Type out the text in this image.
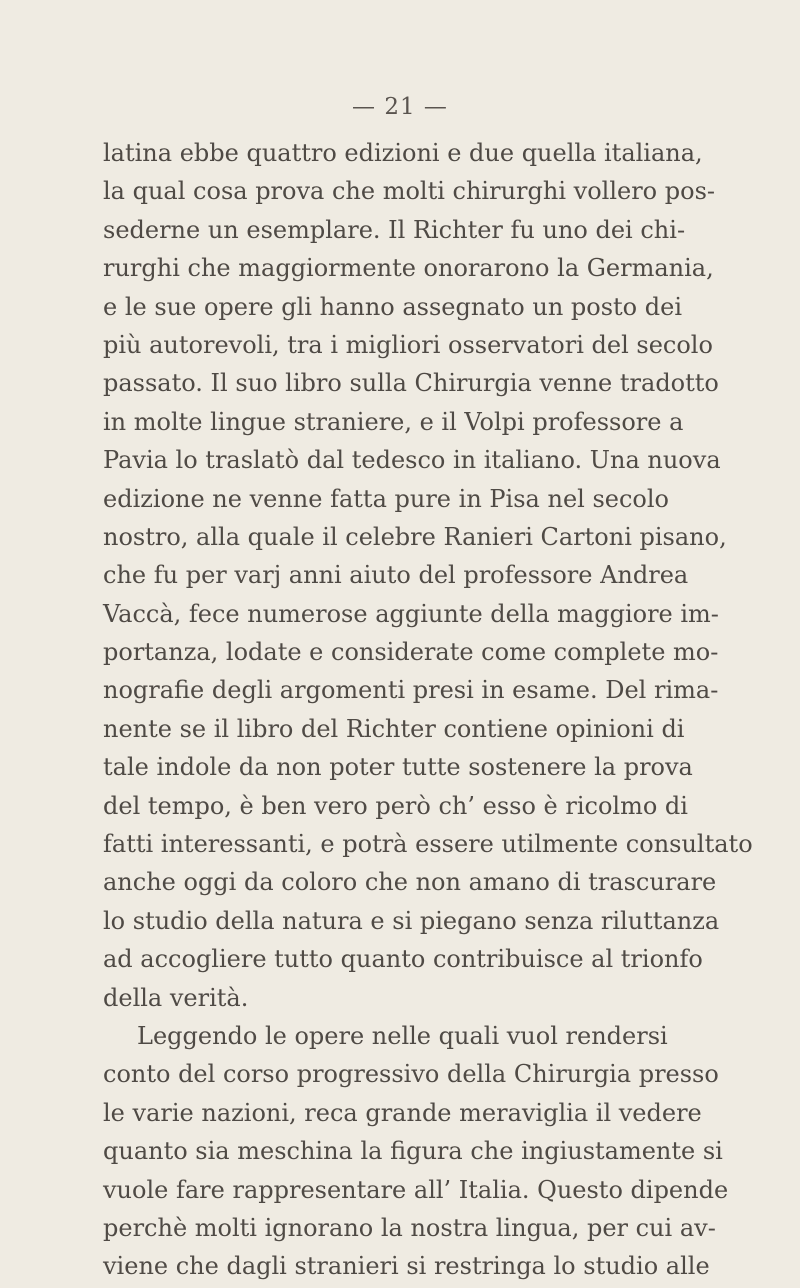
— 21 —
latina ebbe quattro edizioni e due quella italiana,
la qual cosa prova che molti chirurghi vollero pos-
sederne un esemplare. Il Richter fu uno dei chi-
rurghi che maggiormente onorarono la Germania,
e le sue opere gli hanno assegnato un posto dei
più autorevoli, tra i migliori osservatori del secolo
passato. Il suo libro sulla Chirurgia venne tradotto
in molte lingue straniere, e il Volpi professore a
Pavia lo traslatò dal tedesco in italiano. Una nuova
edizione ne venne fatta pure in Pisa nel secolo
nostro, alla quale il celebre Ranieri Cartoni pisano,
che fu per varj anni aiuto del professore Andrea
Vaccà, fece numerose aggiunte della maggiore im-
portanza, lodate e considerate come complete mo-
nografie degli argomenti presi in esame. Del rima-
nente se il libro del Richter contiene opinioni di
tale indole da non poter tutte sostenere la prova
del tempo, è ben vero però ch’ esso è ricolmo di
fatti interessanti, e potrà essere utilmente consultato
anche oggi da coloro che non amano di trascurare
lo studio della natura e si piegano senza riluttanza
ad accogliere tutto quanto contribuisce al trionfo
della verità.
Leggendo le opere nelle quali vuol rendersi
conto del corso progressivo della Chirurgia presso
le varie nazioni, reca grande meraviglia il vedere
quanto sia meschina la figura che ingiustamente si
vuole fare rappresentare all’ Italia. Questo dipende
perchè molti ignorano la nostra lingua, per cui av-
viene che dagli stranieri si restringa lo studio alle
